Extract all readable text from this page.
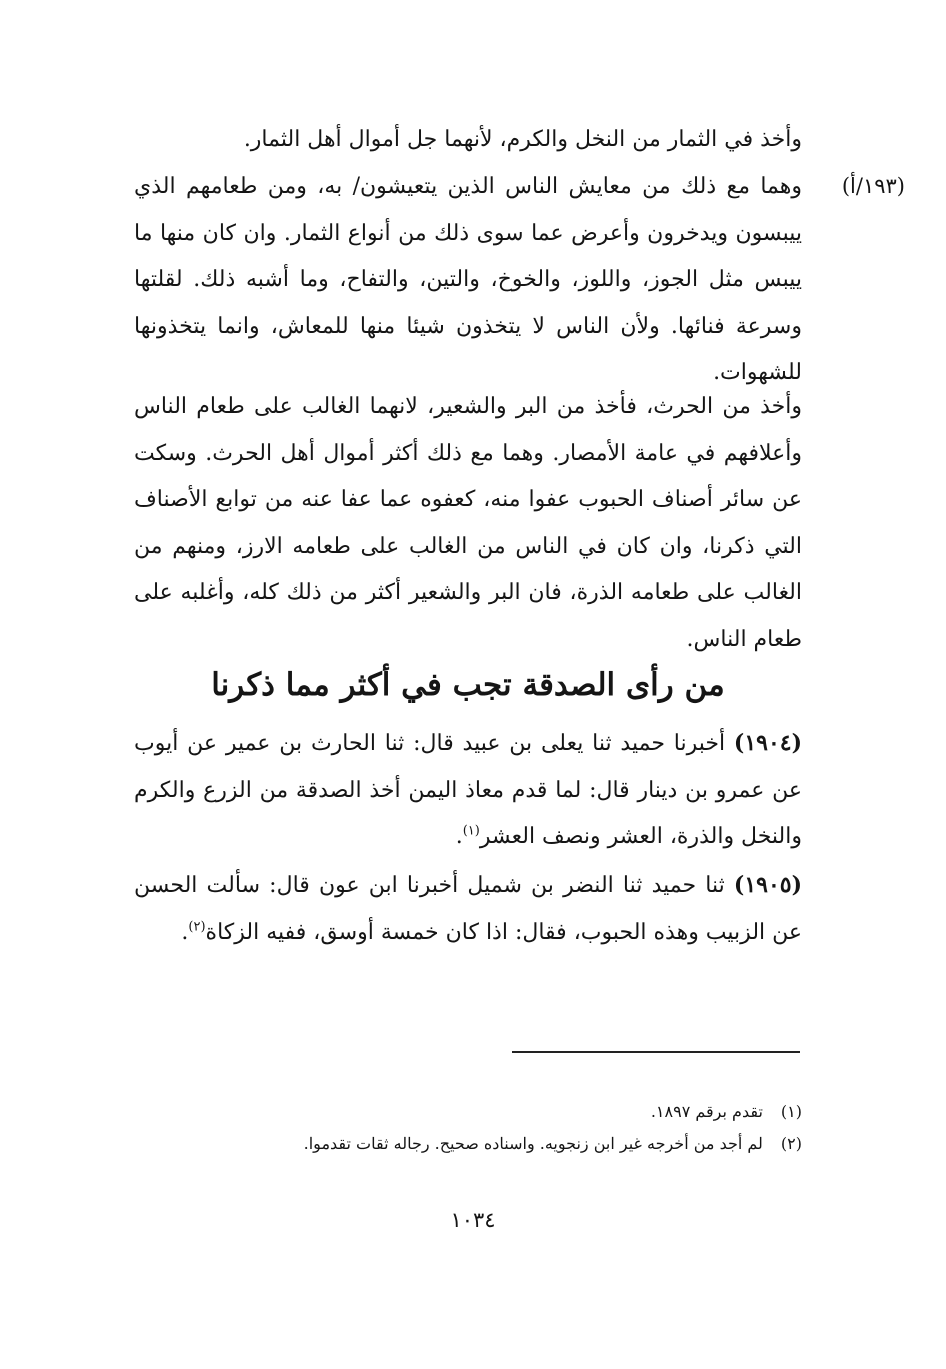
وأخذ في الثمار من النخل والكرم، لأنهما جل أموال أهل الثمار.

(١٩٣/أ)

وهما مع ذلك من معايش الناس الذين يتعيشون/ به، ومن طعامهم الذي ييبسون ويدخرون وأعرض عما سوى ذلك من أنواع الثمار. وان كان منها ما ييبس مثل الجوز، واللوز، والخوخ، والتين، والتفاح، وما أشبه ذلك. لقلتها وسرعة فنائها. ولأن الناس لا يتخذون شيئا منها للمعاش، وانما يتخذونها للشهوات.

وأخذ من الحرث، فأخذ من البر والشعير، لانهما الغالب على طعام الناس وأعلافهم في عامة الأمصار. وهما مع ذلك أكثر أموال أهل الحرث. وسكت عن سائر أصناف الحبوب عفوا منه، كعفوه عما عفا عنه من توابع الأصناف التي ذكرنا، وان كان في الناس من الغالب على طعامه الارز، ومنهم من الغالب على طعامه الذرة، فان البر والشعير أكثر من ذلك كله، وأغلبه على طعام الناس.

من رأى الصدقة تجب في أكثر مما ذكرنا

(١٩٠٤) أخبرنا حميد ثنا يعلى بن عبيد قال: ثنا الحارث بن عمير عن أيوب عن عمرو بن دينار قال: لما قدم معاذ اليمن أخذ الصدقة من الزرع والكرم والنخل والذرة، العشر ونصف العشر$^{(١)}$.

(١٩٠٥) ثنا حميد ثنا النضر بن شميل أخبرنا ابن عون قال: سألت الحسن عن الزبيب وهذه الحبوب، فقال: اذا كان خمسة أوسق، ففيه الزكاة$^{(٢)}$.

(١)تقدم برقم ١٨٩٧.
(٢)لم أجد من أخرجه غير ابن زنجويه. واسناده صحيح. رجاله ثقات تقدموا.
١٠٣٤
